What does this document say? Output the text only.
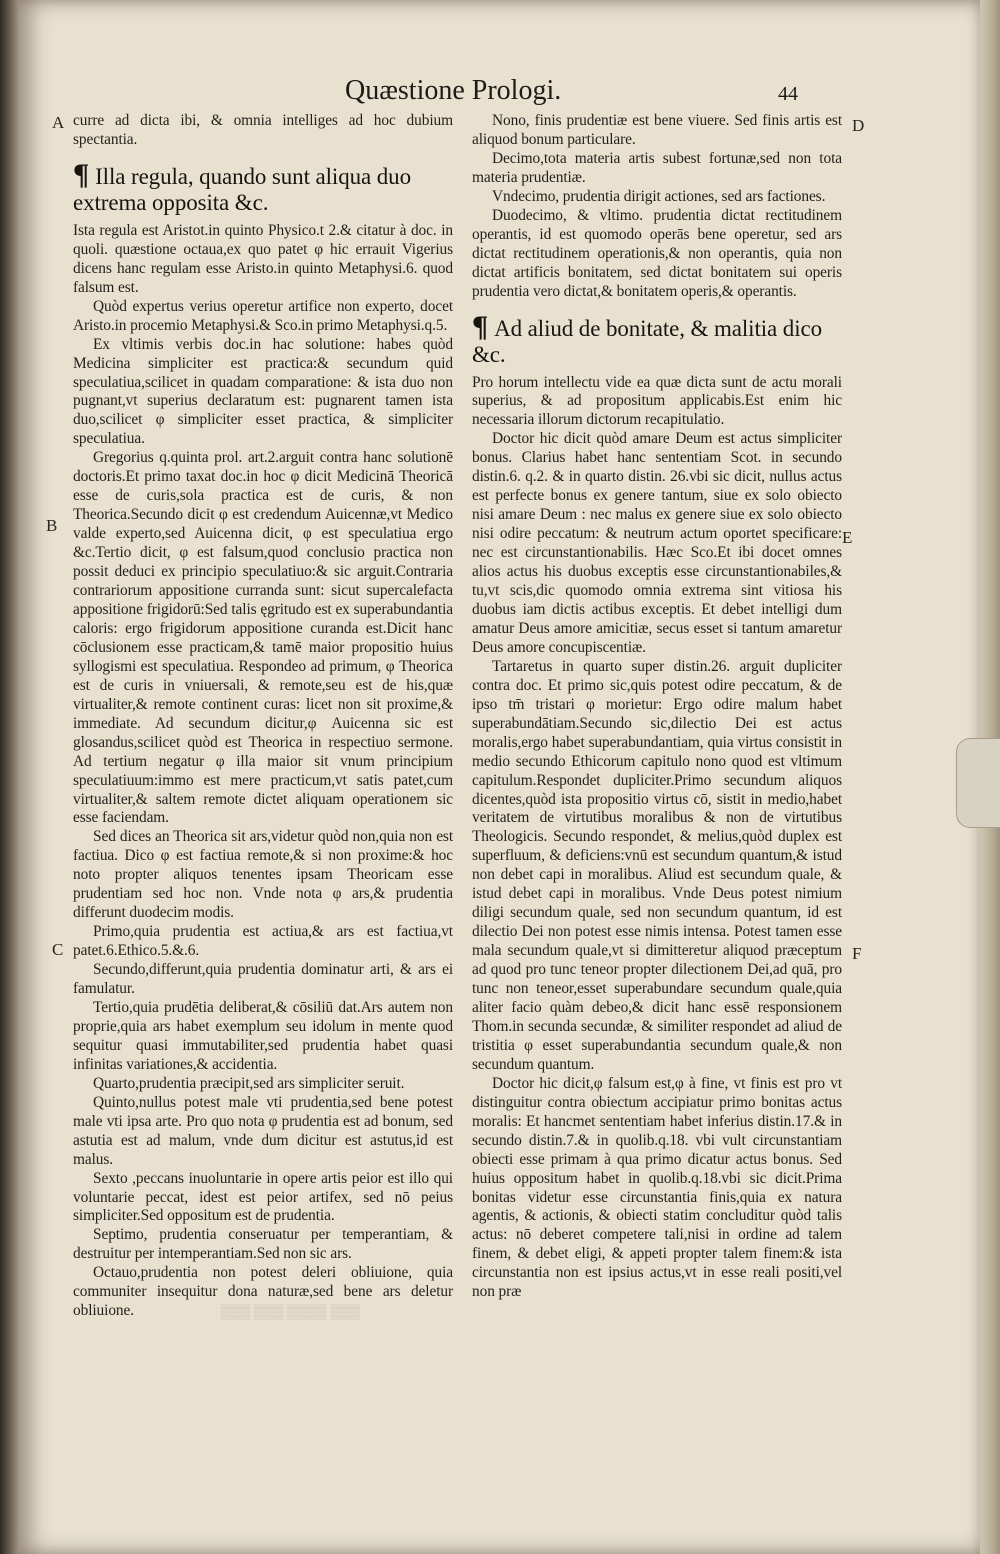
Quæstione Prologi.	44
A
B
C
D
E
F

curre ad dicta ibi, & omnia intelliges ad hoc dubium spectantia.

¶ Illa regula, quando sunt aliqua duo extrema opposita &c.

Ista regula est Aristot.in quinto Physico.t 2.& citatur à doc. in quoli. quæstione octaua,ex quo patet φ hic errauit Vigerius dicens hanc regulam esse Aristo.in quinto Metaphysi.6. quod falsum est.

Quòd expertus verius operetur artifice non experto, docet Aristo.in procemio Metaphysi.& Sco.in primo Metaphysi.q.5.

Ex vltimis verbis doc.in hac solutione: habes quòd Medicina simpliciter est practica:& secundum quid speculatiua,scilicet in quadam comparatione: & ista duo non pugnant,vt superius declaratum est: pugnarent tamen ista duo,scilicet φ simpliciter esset practica, & simpliciter speculatiua.

Gregorius q.quinta prol. art.2.arguit contra hanc solutionē doctoris.Et primo taxat doc.in hoc φ dicit Medicinā Theoricā esse de curis,sola practica est de curis, & non Theorica.Secundo dicit φ est credendum Auicennæ,vt Medico valde experto,sed Auicenna dicit, φ est speculatiua ergo &c.Tertio dicit, φ est falsum,quod conclusio practica non possit deduci ex principio speculatiuo:& sic arguit.Contraria contrariorum appositione curranda sunt: sicut supercalefacta appositione frigidorū:Sed talis ęgritudo est ex superabundantia caloris: ergo frigidorum appositione curanda est.Dicit hanc cōclusionem esse practicam,& tamē maior propositio huius syllogismi est speculatiua. Respondeo ad primum, φ Theorica est de curis in vniuersali, & remote,seu est de his,quæ virtualiter,& remote continent curas: licet non sit proxime,& immediate. Ad secundum dicitur,φ Auicenna sic est glosandus,scilicet quòd est Theorica in respectiuo sermone. Ad tertium negatur φ illa maior sit vnum principium speculatiuum:immo est mere practicum,vt satis patet,cum virtualiter,& saltem remote dictet aliquam operationem sic esse faciendam.

Sed dices an Theorica sit ars,videtur quòd non,quia non est factiua. Dico φ est factiua remote,& si non proxime:& hoc noto propter aliquos tenentes ipsam Theoricam esse prudentiam sed hoc non. Vnde nota φ ars,& prudentia differunt duodecim modis.

Primo,quia prudentia est actiua,& ars est factiua,vt patet.6.Ethico.5.&.6.

Secundo,differunt,quia prudentia dominatur arti, & ars ei famulatur.

Tertio,quia prudētia deliberat,& cōsiliū dat.Ars autem non proprie,quia ars habet exemplum seu idolum in mente quod sequitur quasi immutabiliter,sed prudentia habet quasi infinitas variationes,& accidentia.

Quarto,prudentia præcipit,sed ars simpliciter seruit.

Quinto,nullus potest male vti prudentia,sed bene potest male vti ipsa arte. Pro quo nota φ prudentia est ad bonum, sed astutia est ad malum, vnde dum dicitur est astutus,id est malus.

Sexto ,peccans inuoluntarie in opere artis peior est illo qui voluntarie peccat, idest est peior artifex, sed nō peius simpliciter.Sed oppositum est de prudentia.

Septimo, prudentia conseruatur per temperantiam, & destruitur per intemperantiam.Sed non sic ars.

Octauo,prudentia non potest deleri obliuione, quia communiter insequitur dona naturæ,sed bene ars deletur obliuione.

Nono, finis prudentiæ est bene viuere. Sed finis artis est aliquod bonum particulare.

Decimo,tota materia artis subest fortunæ,sed non tota materia prudentiæ.

Vndecimo, prudentia dirigit actiones, sed ars factiones.

Duodecimo, & vltimo. prudentia dictat rectitudinem operantis, id est quomodo operās bene operetur, sed ars dictat rectitudinem operationis,& non operantis, quia non dictat artificis bonitatem, sed dictat bonitatem sui operis prudentia vero dictat,& bonitatem operis,& operantis.

¶ Ad aliud de bonitate, & malitia dico &c.

Pro horum intellectu vide ea quæ dicta sunt de actu morali superius, & ad propositum applicabis.Est enim hic necessaria illorum dictorum recapitulatio.

Doctor hic dicit quòd amare Deum est actus simpliciter bonus. Clarius habet hanc sententiam Scot. in secundo distin.6. q.2. & in quarto distin. 26.vbi sic dicit, nullus actus est perfecte bonus ex genere tantum, siue ex solo obiecto nisi amare Deum : nec malus ex genere siue ex solo obiecto nisi odire peccatum: & neutrum actum oportet specificare: nec est circunstantionabilis. Hæc Sco.Et ibi docet omnes alios actus his duobus exceptis esse circunstantionabiles,& tu,vt scis,dic quomodo omnia extrema sint vitiosa his duobus iam dictis actibus exceptis. Et debet intelligi dum amatur Deus amore amicitiæ, secus esset si tantum amaretur Deus amore concupiscentiæ.

Tartaretus in quarto super distin.26. arguit dupliciter contra doc. Et primo sic,quis potest odire peccatum, & de ipso tm̄ tristari φ morietur: Ergo odire malum habet superabundātiam.Secundo sic,dilectio Dei est actus moralis,ergo habet superabundantiam, quia virtus consistit in medio secundo Ethicorum capitulo nono quod est vltimum capitulum.Respondet dupliciter.Primo secundum aliquos dicentes,quòd ista propositio virtus cō, sistit in medio,habet veritatem de virtutibus moralibus & non de virtutibus Theologicis. Secundo respondet, & melius,quòd duplex est superfluum, & deficiens:vnū est secundum quantum,& istud non debet capi in moralibus. Aliud est secundum quale, & istud debet capi in moralibus. Vnde Deus potest nimium diligi secundum quale, sed non secundum quantum, id est dilectio Dei non potest esse nimis intensa. Potest tamen esse mala secundum quale,vt si dimitteretur aliquod præceptum ad quod pro tunc teneor propter dilectionem Dei,ad quā, pro tunc non teneor,esset superabundare secundum quale,quia aliter facio quàm debeo,& dicit hanc essē responsionem Thom.in secunda secundæ, & similiter respondet ad aliud de tristitia φ esset superabundantia secundum quale,& non secundum quantum.

Doctor hic dicit,φ falsum est,φ à fine, vt finis est pro vt distinguitur contra obiectum accipiatur primo bonitas actus moralis: Et hancmet sententiam habet inferius distin.17.& in secundo distin.7.& in quolib.q.18. vbi vult circunstantiam obiecti esse primam à qua primo dicatur actus bonus. Sed huius oppositum habet in quolib.q.18.vbi sic dicit.Prima bonitas videtur esse circunstantia finis,quia ex natura agentis, & actionis, & obiecti statim concluditur quòd talis actus: nō deberet competere tali,nisi in ordine ad talem finem, & debet eligi, & appeti propter talem finem:& ista circunstantia non est ipsius actus,vt in esse reali positi,vel non præ

▒▒▒ ▒▒▒▒ ▒▒▒ ▒▒▒
